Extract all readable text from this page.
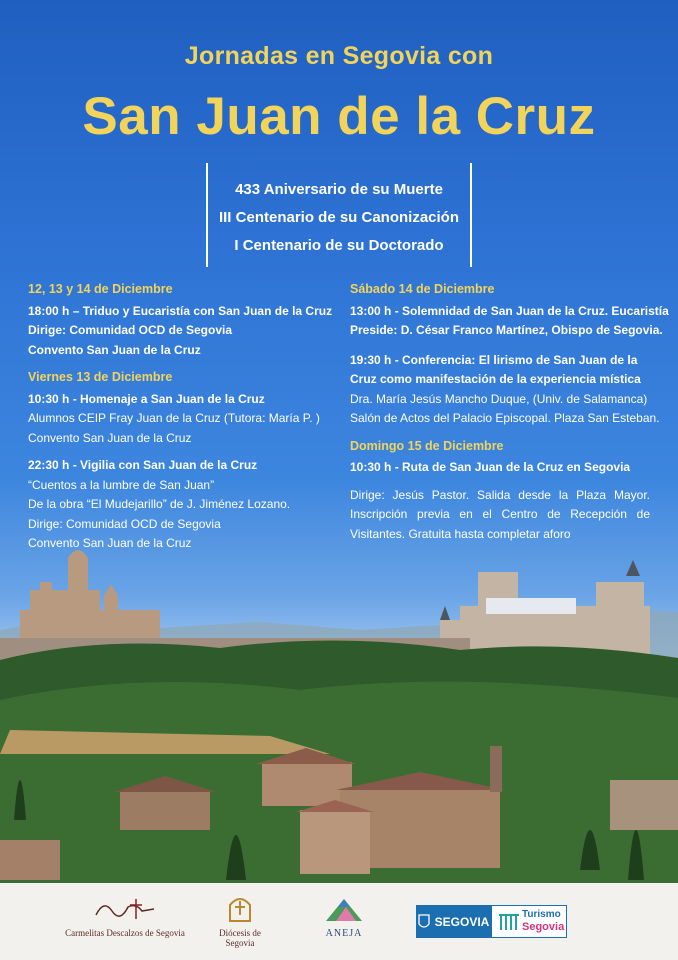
Jornadas en Segovia con
San Juan de la Cruz
433 Aniversario de su Muerte
III Centenario de su Canonización
I Centenario de su Doctorado
12, 13 y 14 de Diciembre
18:00 h – Triduo y Eucaristía con San Juan de la Cruz
Dirige: Comunidad OCD de Segovia
Convento San Juan de la Cruz
Viernes 13 de Diciembre
10:30 h - Homenaje a San Juan de la Cruz
Alumnos CEIP Fray Juan de la Cruz (Tutora: María P. )
Convento San Juan de la Cruz
22:30 h - Vigilia con San Juan de la Cruz
“Cuentos a la lumbre de San Juan”
De la obra “El Mudejarillo” de J. Jiménez Lozano.
Dirige: Comunidad OCD de Segovia
Convento San Juan de la Cruz
Sábado 14 de Diciembre
13:00 h - Solemnidad de San Juan de la Cruz. Eucaristía
Preside: D. César Franco Martínez, Obispo de Segovia.
19:30 h - Conferencia: El lirismo de San Juan de la
Cruz como manifestación de la experiencia mística
Dra. María Jesús Mancho Duque, (Univ. de Salamanca)
Salón de Actos del Palacio Episcopal. Plaza San Esteban.
Domingo 15 de Diciembre
10:30 h - Ruta de San Juan de la Cruz en Segovia
Dirige: Jesús Pastor. Salida desde la Plaza Mayor. Inscripción previa en el Centro de Recepción de Visitantes. Gratuita hasta completar aforo
Carmelitas Descalzos de Segovia	Diócesis de Segovia
ANEJA
SEGOVIA	Turismo
Segovia
